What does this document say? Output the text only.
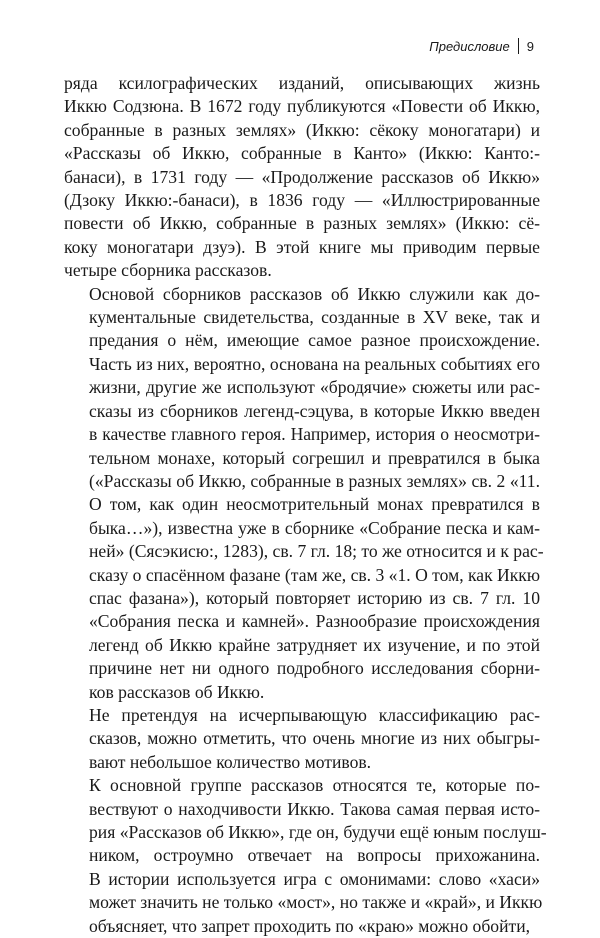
Предисловие 9

ряда ксилографических изданий, описывающих жизнь
Иккю Содзюна. В 1672 году публикуются «Повести об Иккю,
собранные в разных землях» (Иккю: сёкоку моногатари) и
«Рассказы об Иккю, собранные в Канто» (Иккю: Канто:-
банаси), в 1731 году — «Продолжение рассказов об Иккю»
(Дзоку Иккю:-банаси), в 1836 году — «Иллюстрированные
повести об Иккю, собранные в разных землях» (Иккю: сё-
коку моногатари дзуэ). В этой книге мы приводим первые
четыре сборника рассказов.

Основой сборников рассказов об Иккю служили как до-
кументальные свидетельства, созданные в XV веке, так и
предания о нём, имеющие самое разное происхождение.
Часть из них, вероятно, основана на реальных событиях его
жизни, другие же используют «бродячие» сюжеты или рас-
сказы из сборников легенд-сэцува, в которые Иккю введен
в качестве главного героя. Например, история о неосмотри-
тельном монахе, который согрешил и превратился в быка
(«Рассказы об Иккю, собранные в разных землях» св. 2 «11.
О том, как один неосмотрительный монах превратился в
быка…»), известна уже в сборнике «Собрание песка и кам-
ней» (Сясэкисю:, 1283), св. 7 гл. 18; то же относится и к рас-
сказу о спасённом фазане (там же, св. 3 «1. О том, как Иккю
спас фазана»), который повторяет историю из св. 7 гл. 10
«Собрания песка и камней». Разнообразие происхождения
легенд об Иккю крайне затрудняет их изучение, и по этой
причине нет ни одного подробного исследования сборни-
ков рассказов об Иккю.

Не претендуя на исчерпывающую классификацию рас-
сказов, можно отметить, что очень многие из них обыгры-
вают небольшое количество мотивов.

К основной группе рассказов относятся те, которые по-
вествуют о находчивости Иккю. Такова самая первая исто-
рия «Рассказов об Иккю», где он, будучи ещё юным послуш-
ником, остроумно отвечает на вопросы прихожанина.
В истории используется игра с омонимами: слово «хаси»
может значить не только «мост», но также и «край», и Иккю
объясняет, что запрет проходить по «краю» можно обойти,
